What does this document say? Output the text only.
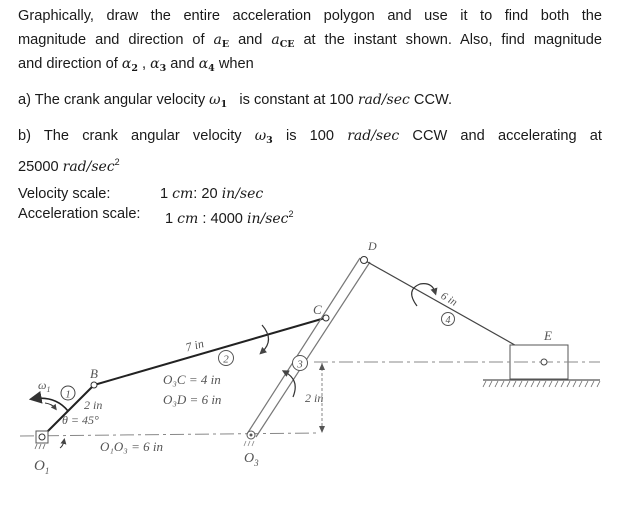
Graphically, draw the entire acceleration polygon and use it to find both the
magnitude and direction of $a_E$ and $a_{CE}$ at the instant shown. Also, find magnitude
and direction of $\alpha_2$ , $\alpha_3$ and $\alpha_4$ when
a) The crank angular velocity $\omega_1$   is constant at 100 rad/sec CCW.
b) The crank angular velocity $\omega_3$ is 100 rad/sec CCW and accelerating at
25000 rad/$\sec^2$
Velocity scale:	1 cm: 20 in/sec
Acceleration scale: 1 cm : 4000 $in/\sec^2$
1
2	3
4
B
C
D
E
$O_1$
$O_3$
$\omega_1$
2 in
θ = 45°
7 in
O₃C = 4 in
O₃D = 6 in
O₁O₃ = 6 in
2 in
6 in
